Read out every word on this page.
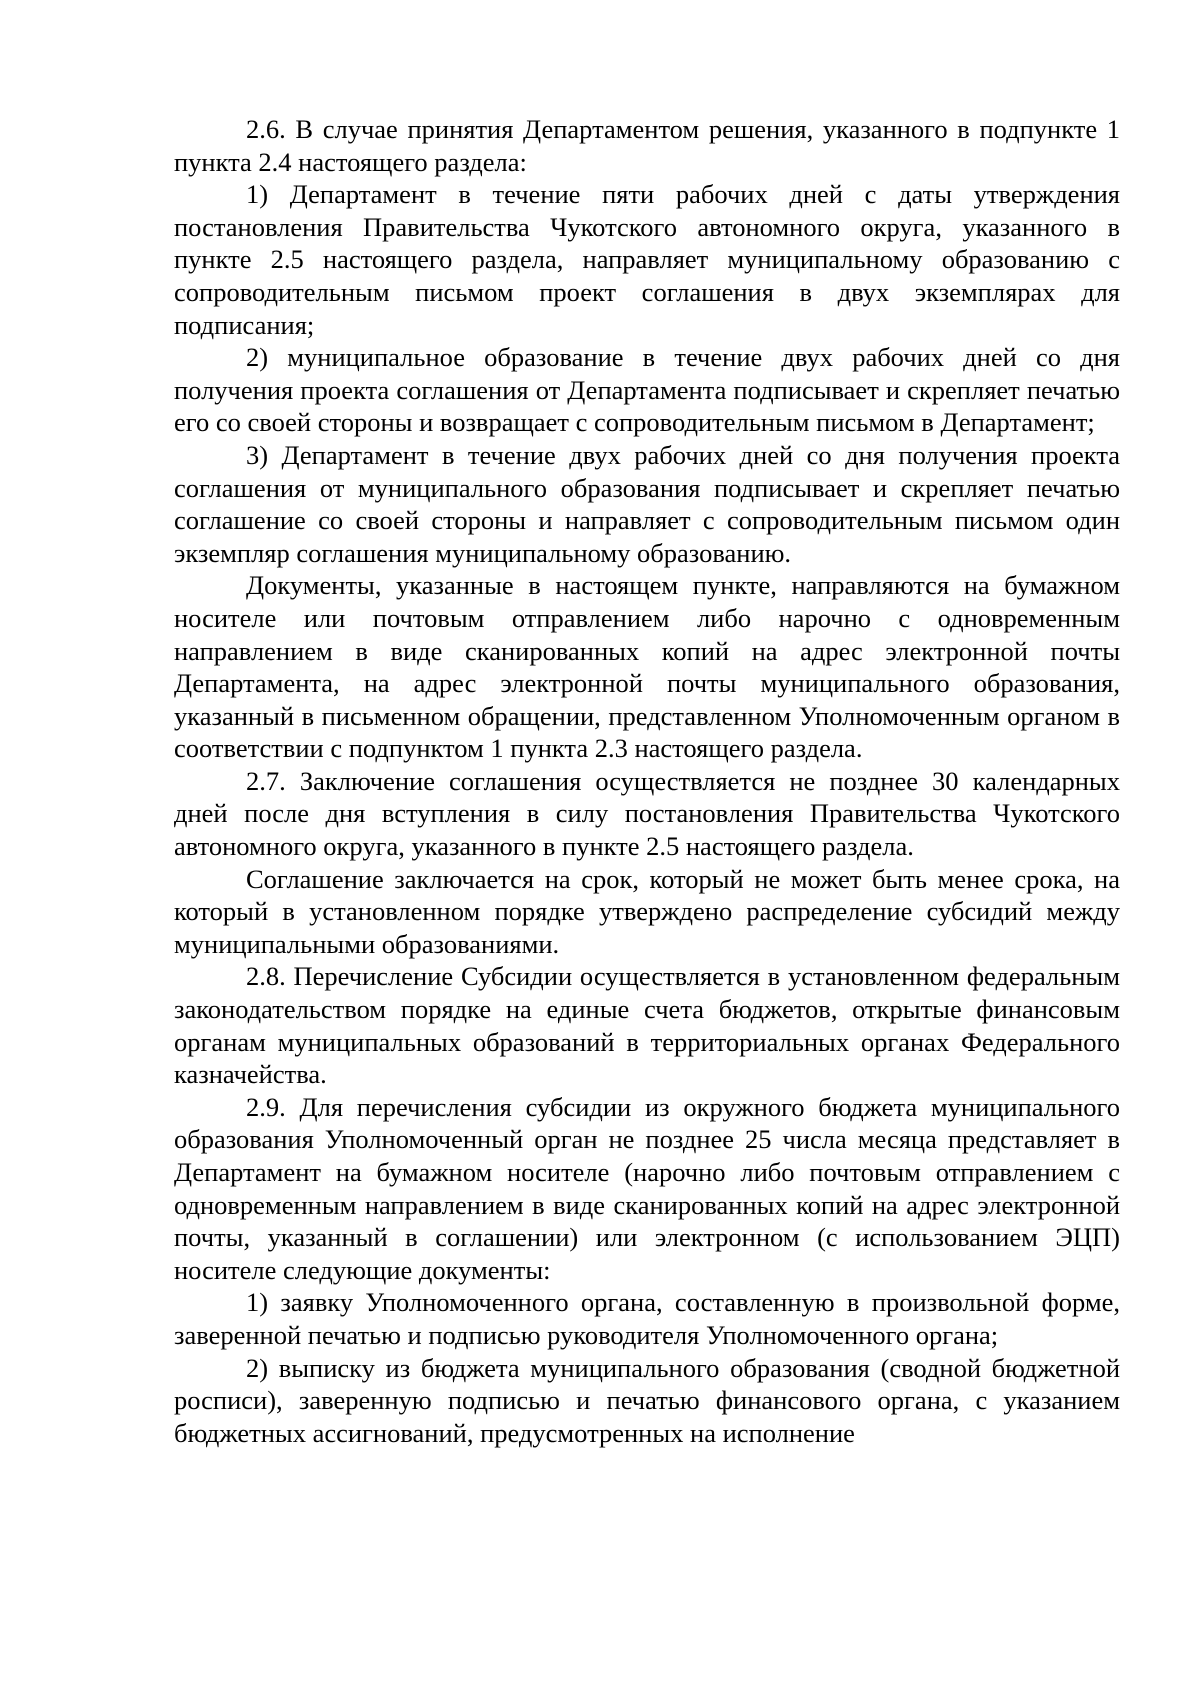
2.6. В случае принятия Департаментом решения, указанного в подпункте 1 пункта 2.4 настоящего раздела:

1) Департамент в течение пяти рабочих дней с даты утверждения постановления Правительства Чукотского автономного округа, указанного в пункте 2.5 настоящего раздела, направляет муниципальному образованию с сопроводительным письмом проект соглашения в двух экземплярах для подписания;

2) муниципальное образование в течение двух рабочих дней со дня получения проекта соглашения от Департамента подписывает и скрепляет печатью его со своей стороны и возвращает с сопроводительным письмом в Департамент;

3) Департамент в течение двух рабочих дней со дня получения проекта соглашения от муниципального образования подписывает и скрепляет печатью соглашение со своей стороны и направляет с сопроводительным письмом один экземпляр соглашения муниципальному образованию.

Документы, указанные в настоящем пункте, направляются на бумажном носителе или почтовым отправлением либо нарочно с одновременным направлением в виде сканированных копий на адрес электронной почты Департамента, на адрес электронной почты муниципального образования, указанный в письменном обращении, представленном Уполномоченным органом в соответствии с подпунктом 1 пункта 2.3 настоящего раздела.

2.7. Заключение соглашения осуществляется не позднее 30 календарных дней после дня вступления в силу постановления Правительства Чукотского автономного округа, указанного в пункте 2.5 настоящего раздела.

Соглашение заключается на срок, который не может быть менее срока, на который в установленном порядке утверждено распределение субсидий между муниципальными образованиями.

2.8. Перечисление Субсидии осуществляется в установленном федеральным законодательством порядке на единые счета бюджетов, открытые финансовым органам муниципальных образований в территориальных органах Федерального казначейства.

2.9. Для перечисления субсидии из окружного бюджета муниципального образования Уполномоченный орган не позднее 25 числа месяца представляет в Департамент на бумажном носителе (нарочно либо почтовым отправлением с одновременным направлением в виде сканированных копий на адрес электронной почты, указанный в соглашении) или электронном (с использованием ЭЦП) носителе следующие документы:

1) заявку Уполномоченного органа, составленную в произвольной форме, заверенной печатью и подписью руководителя Уполномоченного органа;

2) выписку из бюджета муниципального образования (сводной бюджетной росписи), заверенную подписью и печатью финансового органа, с указанием бюджетных ассигнований, предусмотренных на исполнение
